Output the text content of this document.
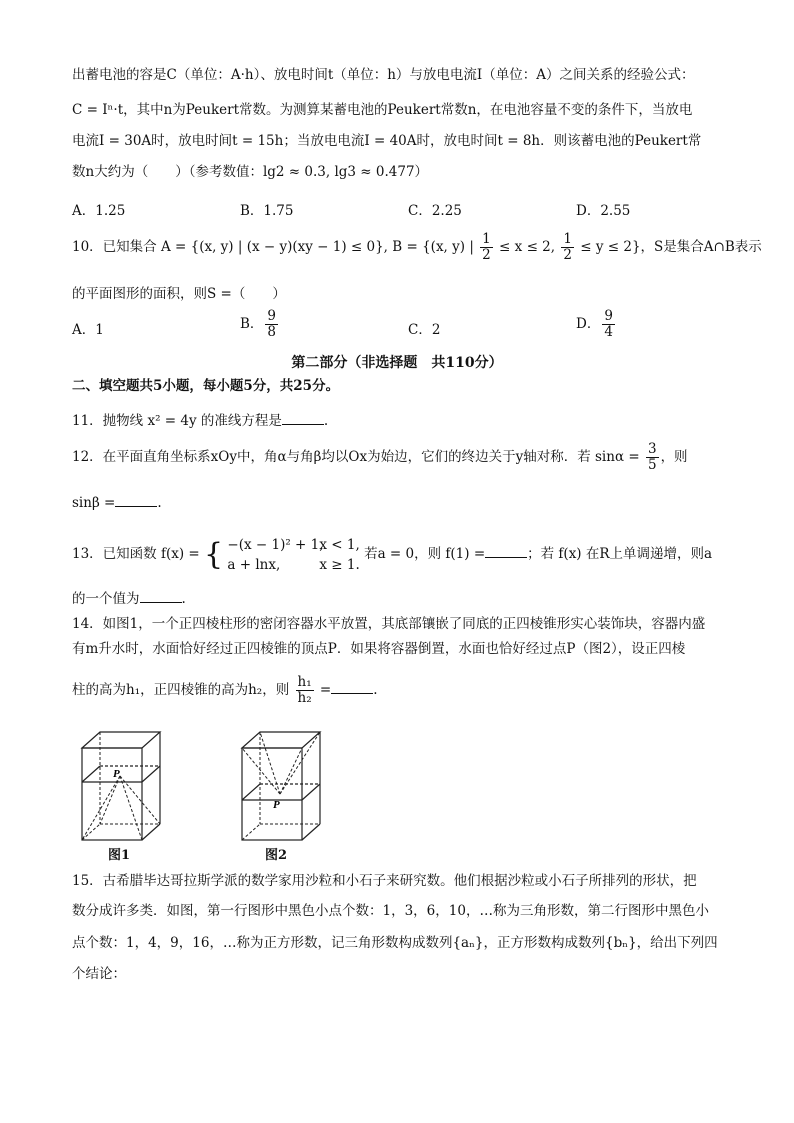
出蓄电池的容是C（单位：A·h）、放电时间t（单位：h）与放电电流I（单位：A）之间关系的经验公式：
C = Iⁿ·t，其中n为Peukert常数。为测算某蓄电池的Peukert常数n，在电池容量不变的条件下，当放电
电流I = 30A时，放电时间t = 15h；当放电电流I = 40A时，放电时间t = 8h．则该蓄电池的Peukert常
数n大约为（　　）（参考数值：lg2 ≈ 0.3, lg3 ≈ 0.477）
A．1.25	B．1.75	C．2.25	D．2.55
10．已知集合 A = {(x, y) | (x − y)(xy − 1) ≤ 0}, B = {(x, y) | $\frac{1}{2} \le x \le 2$, $\frac{1}{2} \le y \le 2$}，S是集合A∩B表示
的平面图形的面积，则S =（　　）
A．1	B． $\frac{9}{8}$	C．2	D． $\frac{9}{4}$
第二部分（非选择题　共110分）
二、填空题共5小题，每小题5分，共25分。
11．抛物线 x² = 4y 的准线方程是	.
12．在平面直角坐标系xOy中，角α与角β均以Ox为始边，它们的终边关于y轴对称．若 $\sin\alpha = \frac{3}{5}$ ，则
sinβ =	.
13．已知函数 f(x) = { −(x − 1)² + 1,x < 1,
a + lnx,	x ≥ 1. 若a = 0，则 f(1) =	；若 f(x) 在R上单调递增，则a
的一个值为	.
14．如图1，一个正四棱柱形的密闭容器水平放置，其底部镶嵌了同底的正四棱锥形实心装饰块，容器内盛
有m升水时，水面恰好经过正四棱锥的顶点P．如果将容器倒置，水面也恰好经过点P（图2），设正四棱
柱的高为h₁，正四棱锥的高为h₂，则 $\frac{\text{h₁}}{\text{h₂}}$ =	.
P
图1
P
图2
15．古希腊毕达哥拉斯学派的数学家用沙粒和小石子来研究数。他们根据沙粒或小石子所排列的形状，把
数分成许多类．如图，第一行图形中黑色小点个数：1，3，6，10，…称为三角形数，第二行图形中黑色小
点个数：1，4，9，16，…称为正方形数，记三角形数构成数列{aₙ}，正方形数构成数列{bₙ}，给出下列四
个结论：
